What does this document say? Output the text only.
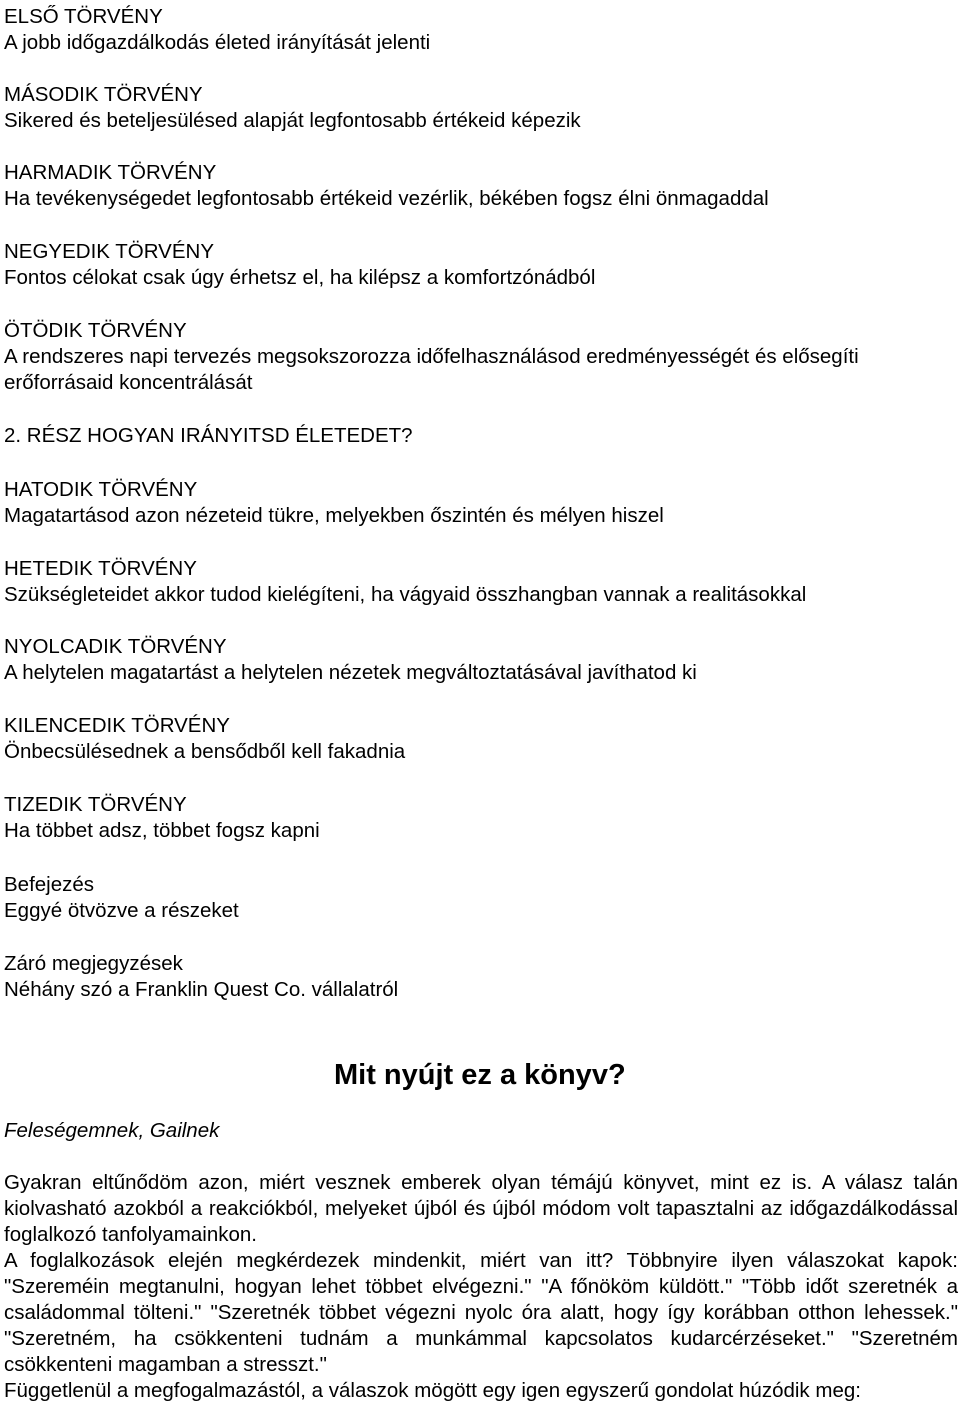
ELSŐ TÖRVÉNY
A jobb időgazdálkodás életed irányítását jelenti
MÁSODIK TÖRVÉNY
Sikered és beteljesülésed alapját legfontosabb értékeid képezik
HARMADIK TÖRVÉNY
Ha tevékenységedet legfontosabb értékeid vezérlik, békében fogsz élni önmagaddal
NEGYEDIK TÖRVÉNY
Fontos célokat csak úgy érhetsz el, ha kilépsz a komfortzónádból
ÖTÖDIK TÖRVÉNY
A rendszeres napi tervezés megsokszorozza időfelhasználásod eredményességét és elősegíti erőforrásaid koncentrálását
2. RÉSZ HOGYAN IRÁNYITSD ÉLETEDET?
HATODIK TÖRVÉNY
Magatartásod azon nézeteid tükre, melyekben őszintén és mélyen hiszel
HETEDIK TÖRVÉNY
Szükségleteidet akkor tudod kielégíteni, ha vágyaid összhangban vannak a realitásokkal
NYOLCADIK TÖRVÉNY
A helytelen magatartást a helytelen nézetek megváltoztatásával javíthatod ki
KILENCEDIK TÖRVÉNY
Önbecsülésednek a bensődből kell fakadnia
TIZEDIK TÖRVÉNY
Ha többet adsz, többet fogsz kapni
Befejezés
Eggyé ötvözve a részeket
Záró megjegyzések
Néhány szó a Franklin Quest Co. vállalatról
Mit nyújt ez a könyv?
Feleségemnek, Gailnek

Gyakran eltűnődöm azon, miért vesznek emberek olyan témájú könyvet, mint ez is. A válasz talán kiolvasható azokból a reakciókból, melyeket újból és újból módom volt tapasztalni az időgazdálkodással foglalkozó tanfolyamainkon.

A foglalkozások elején megkérdezek mindenkit, miért van itt? Többnyire ilyen válaszokat kapok: "Szereméin megtanulni, hogyan lehet többet elvégezni." "A főnököm küldött." "Több időt szeretnék a családommal tölteni." "Szeretnék többet végezni nyolc óra alatt, hogy így korábban otthon lehessek." "Szeretném, ha csökkenteni tudnám a munkámmal kapcsolatos kudarcérzéseket." "Szeretném csökkenteni magamban a stresszt."

Függetlenül a megfogalmazástól, a válaszok mögött egy igen egyszerű gondolat húzódik meg:
